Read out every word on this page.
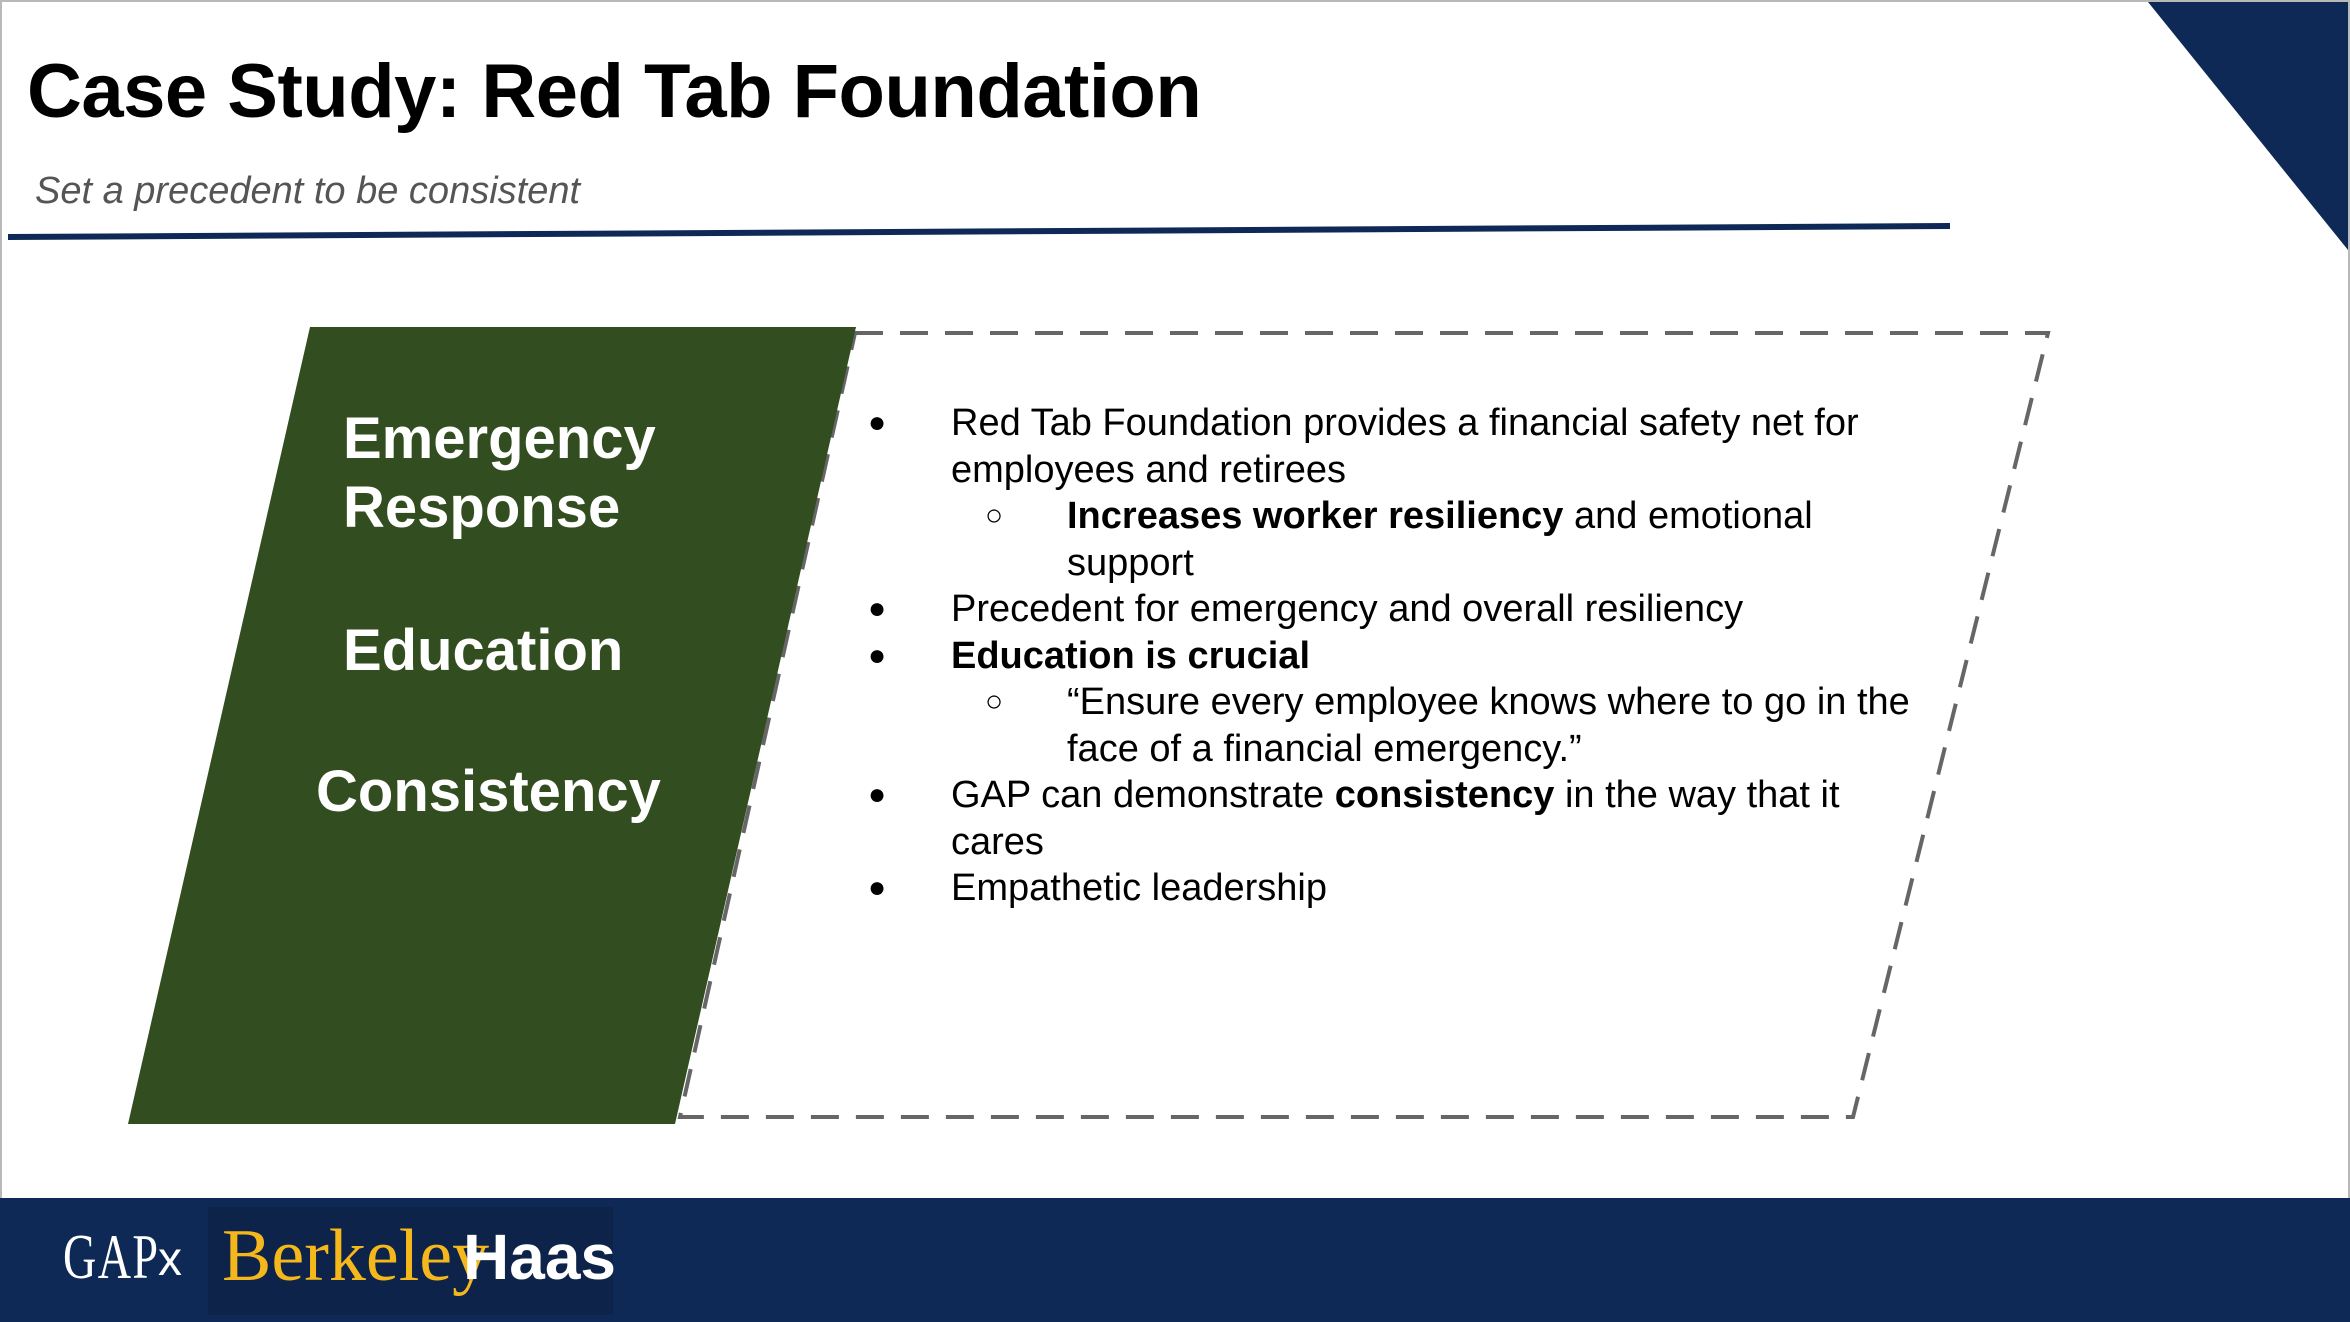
Case Study: Red Tab Foundation
Set a precedent to be consistent
Emergency
Response
Education
Consistency
● Red Tab Foundation provides a financial safety net for employees and retirees
○ Increases worker resiliency and emotional support
● Precedent for emergency and overall resiliency
● Education is crucial
○ “Ensure every employee knows where to go in the face of a financial emergency.”
● GAP can demonstrate consistency in the way that it cares
● Empathetic leadership
GAP
x Berkeley
Haas
